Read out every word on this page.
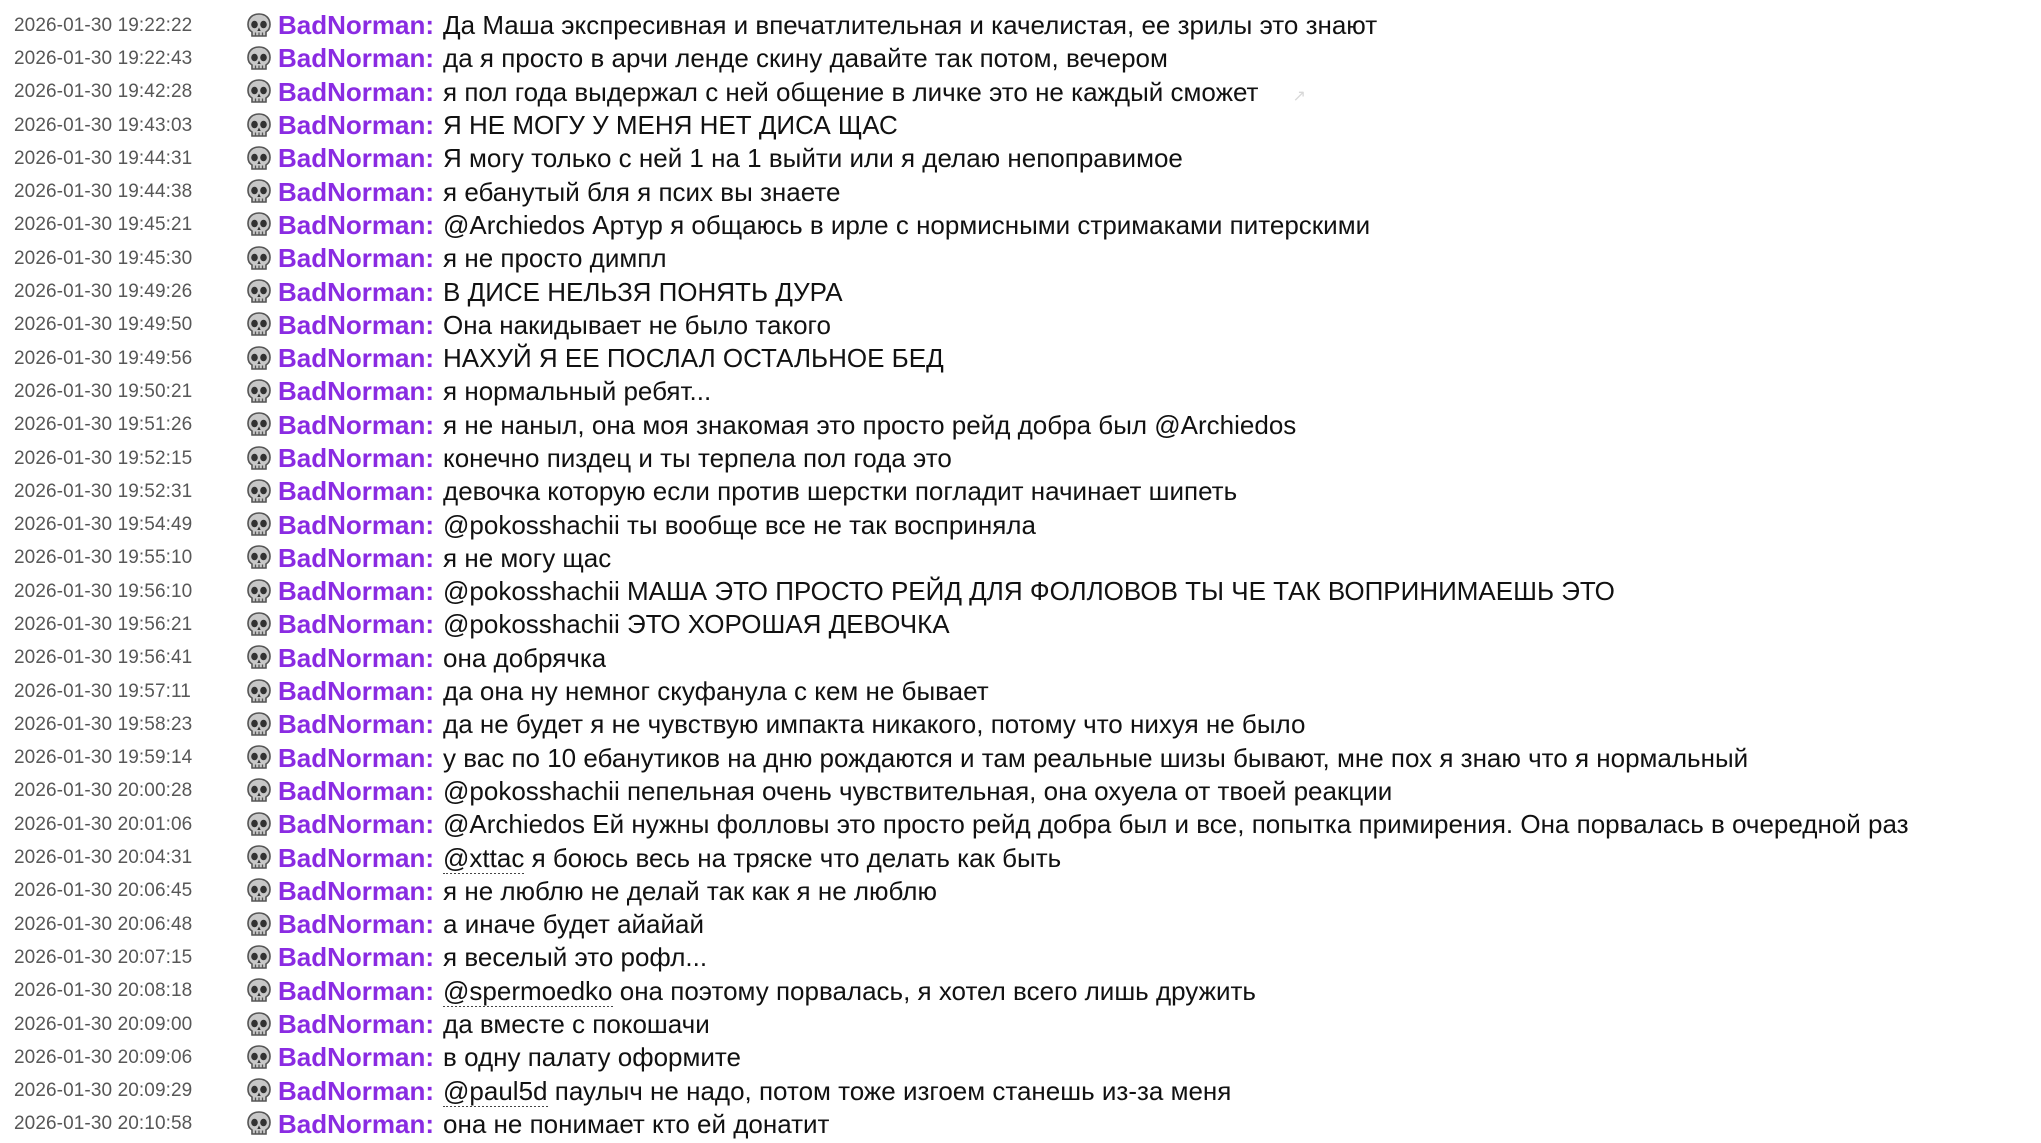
2026-01-30 19:22:22	BadNorman : Да Маша экспресивная и впечатлительная и качелистая, ее зрилы это знают
2026-01-30 19:22:43	BadNorman : да я просто в арчи ленде скину давайте так потом, вечером
2026-01-30 19:42:28	BadNorman : я пол года выдержал с ней общение в личке это не каждый сможет ↗
2026-01-30 19:43:03	BadNorman : Я НЕ МОГУ У МЕНЯ НЕТ ДИСА ЩАС
2026-01-30 19:44:31	BadNorman : Я могу только с ней 1 на 1 выйти или я делаю непоправимое
2026-01-30 19:44:38	BadNorman : я ебанутый бля я псих вы знаете
2026-01-30 19:45:21	BadNorman : @Archiedos Артур я общаюсь в ирле с нормисными стримаками питерскими
2026-01-30 19:45:30	BadNorman : я не просто димпл
2026-01-30 19:49:26	BadNorman : В ДИСЕ НЕЛЬЗЯ ПОНЯТЬ ДУРА
2026-01-30 19:49:50	BadNorman : Она накидывает не было такого
2026-01-30 19:49:56	BadNorman : НАХУЙ Я ЕЕ ПОСЛАЛ ОСТАЛЬНОЕ БЕД
2026-01-30 19:50:21	BadNorman : я нормальный ребят...
2026-01-30 19:51:26	BadNorman : я не наныл, она моя знакомая это просто рейд добра был @Archiedos
2026-01-30 19:52:15	BadNorman : конечно пиздец и ты терпела пол года это
2026-01-30 19:52:31	BadNorman : девочка которую если против шерстки погладит начинает шипеть
2026-01-30 19:54:49	BadNorman : @pokosshachii ты вообще все не так восприняла
2026-01-30 19:55:10	BadNorman : я не могу щас
2026-01-30 19:56:10	BadNorman : @pokosshachii МАША ЭТО ПРОСТО РЕЙД ДЛЯ ФОЛЛОВОВ ТЫ ЧЕ ТАК ВОПРИНИМАЕШЬ ЭТО
2026-01-30 19:56:21	BadNorman : @pokosshachii ЭТО ХОРОШАЯ ДЕВОЧКА
2026-01-30 19:56:41	BadNorman : она добрячка
2026-01-30 19:57:11	BadNorman : да она ну немног скуфанула с кем не бывает
2026-01-30 19:58:23	BadNorman : да не будет я не чувствую импакта никакого, потому что нихуя не было
2026-01-30 19:59:14	BadNorman : у вас по 10 ебанутиков на дню рождаются и там реальные шизы бывают, мне пох я знаю что я нормальный
2026-01-30 20:00:28	BadNorman : @pokosshachii пепельная очень чувствительная, она охуела от твоей реакции
2026-01-30 20:01:06	BadNorman : @Archiedos Ей нужны фолловы это просто рейд добра был и все, попытка примирения. Она порвалась в очередной раз
2026-01-30 20:04:31	BadNorman : @xttac я боюсь весь на тряске что делать как быть
2026-01-30 20:06:45	BadNorman : я не люблю не делай так как я не люблю
2026-01-30 20:06:48	BadNorman : а иначе будет айайай
2026-01-30 20:07:15	BadNorman : я веселый это рофл...
2026-01-30 20:08:18	BadNorman : @spermoedko она поэтому порвалась, я хотел всего лишь дружить
2026-01-30 20:09:00	BadNorman : да вместе с покошачи
2026-01-30 20:09:06	BadNorman : в одну палату оформите
2026-01-30 20:09:29	BadNorman : @paul5d паулыч не надо, потом тоже изгоем станешь из-за меня
2026-01-30 20:10:58	BadNorman : она не понимает кто ей донатит
